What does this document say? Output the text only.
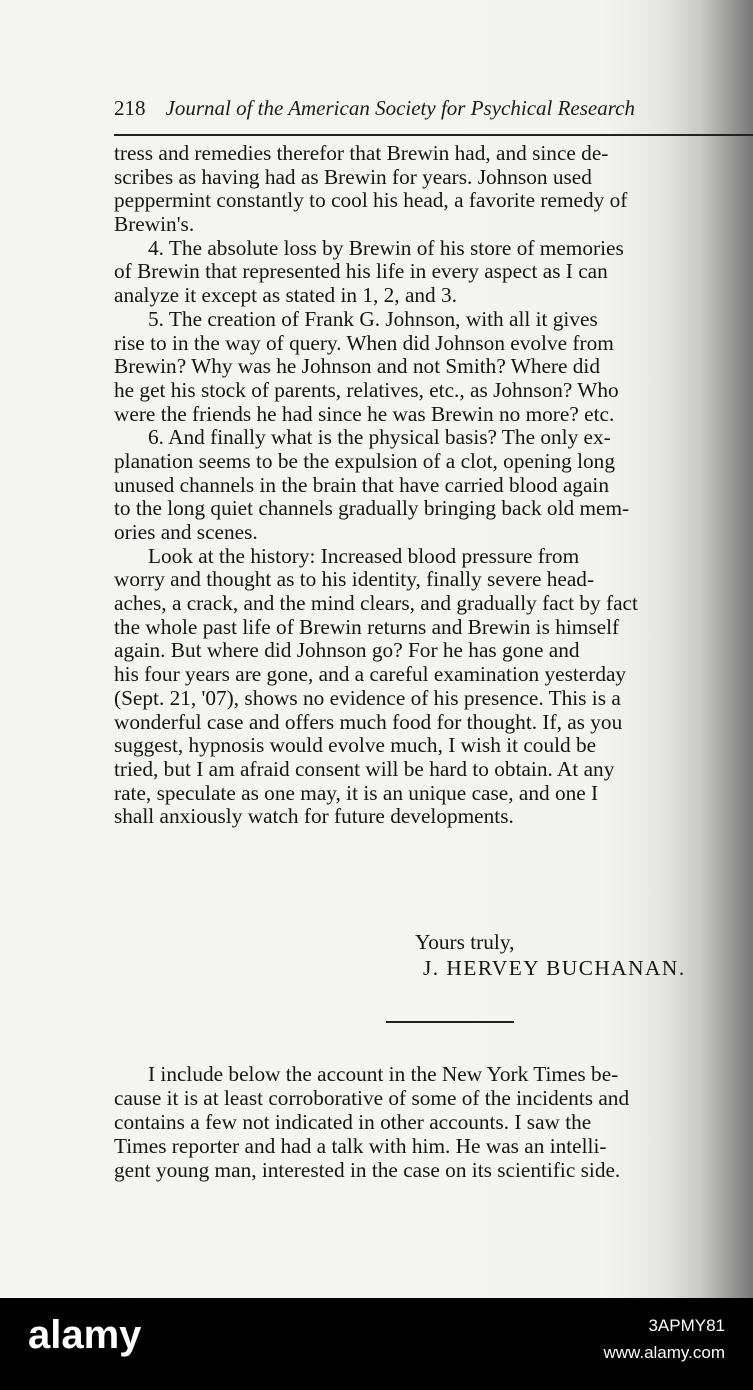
218 Journal of the American Society for Psychical Research
tress and remedies therefor that Brewin had, and since de-
scribes as having had as Brewin for years. Johnson used
peppermint constantly to cool his head, a favorite remedy of
Brewin's.
4. The absolute loss by Brewin of his store of memories
of Brewin that represented his life in every aspect as I can
analyze it except as stated in 1, 2, and 3.
5. The creation of Frank G. Johnson, with all it gives
rise to in the way of query. When did Johnson evolve from
Brewin? Why was he Johnson and not Smith? Where did
he get his stock of parents, relatives, etc., as Johnson? Who
were the friends he had since he was Brewin no more? etc.
6. And finally what is the physical basis? The only ex-
planation seems to be the expulsion of a clot, opening long
unused channels in the brain that have carried blood again
to the long quiet channels gradually bringing back old mem-
ories and scenes.
Look at the history: Increased blood pressure from
worry and thought as to his identity, finally severe head-
aches, a crack, and the mind clears, and gradually fact by fact
the whole past life of Brewin returns and Brewin is himself
again. But where did Johnson go? For he has gone and
his four years are gone, and a careful examination yesterday
(Sept. 21, '07), shows no evidence of his presence. This is a
wonderful case and offers much food for thought. If, as you
suggest, hypnosis would evolve much, I wish it could be
tried, but I am afraid consent will be hard to obtain. At any
rate, speculate as one may, it is an unique case, and one I
shall anxiously watch for future developments.
Yours truly,
J. HERVEY BUCHANAN.
I include below the account in the New York Times be-
cause it is at least corroborative of some of the incidents and
contains a few not indicated in other accounts. I saw the
Times reporter and had a talk with him. He was an intelli-
gent young man, interested in the case on its scientific side.
alamy	3APMY81
www.alamy.com
